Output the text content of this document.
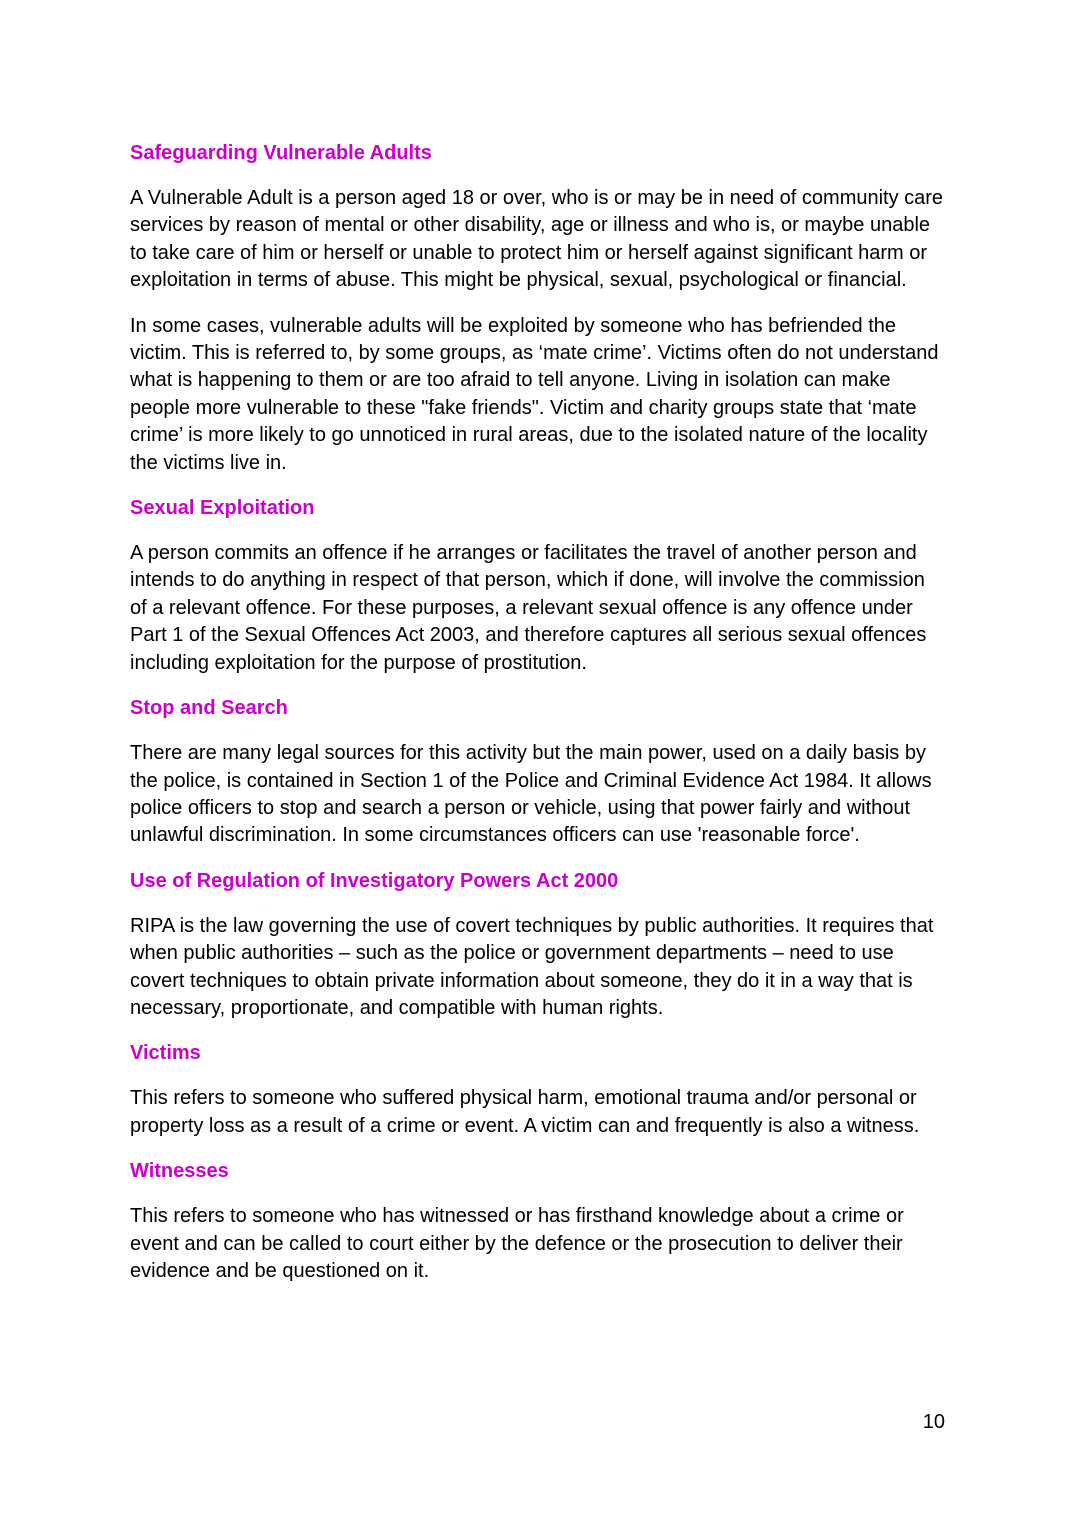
Safeguarding Vulnerable Adults

A Vulnerable Adult is a person aged 18 or over, who is or may be in need of community care services by reason of mental or other disability, age or illness and who is, or maybe unable to take care of him or herself or unable to protect him or herself against significant harm or exploitation in terms of abuse. This might be physical, sexual, psychological or financial.

In some cases, vulnerable adults will be exploited by someone who has befriended the victim. This is referred to, by some groups, as ‘mate crime’. Victims often do not understand what is happening to them or are too afraid to tell anyone. Living in isolation can make people more vulnerable to these "fake friends". Victim and charity groups state that ‘mate crime’ is more likely to go unnoticed in rural areas, due to the isolated nature of the locality the victims live in.

Sexual Exploitation

A person commits an offence if he arranges or facilitates the travel of another person and intends to do anything in respect of that person, which if done, will involve the commission of a relevant offence. For these purposes, a relevant sexual offence is any offence under Part 1 of the Sexual Offences Act 2003, and therefore captures all serious sexual offences including exploitation for the purpose of prostitution.

Stop and Search

There are many legal sources for this activity but the main power, used on a daily basis by the police, is contained in Section 1 of the Police and Criminal Evidence Act 1984. It allows police officers to stop and search a person or vehicle, using that power fairly and without unlawful discrimination. In some circumstances officers can use 'reasonable force'.

Use of Regulation of Investigatory Powers Act 2000

RIPA is the law governing the use of covert techniques by public authorities. It requires that when public authorities – such as the police or government departments – need to use covert techniques to obtain private information about someone, they do it in a way that is necessary, proportionate, and compatible with human rights.

Victims

This refers to someone who suffered physical harm, emotional trauma and/or personal or property loss as a result of a crime or event. A victim can and frequently is also a witness.

Witnesses

This refers to someone who has witnessed or has firsthand knowledge about a crime or event and can be called to court either by the defence or the prosecution to deliver their evidence and be questioned on it.

10
